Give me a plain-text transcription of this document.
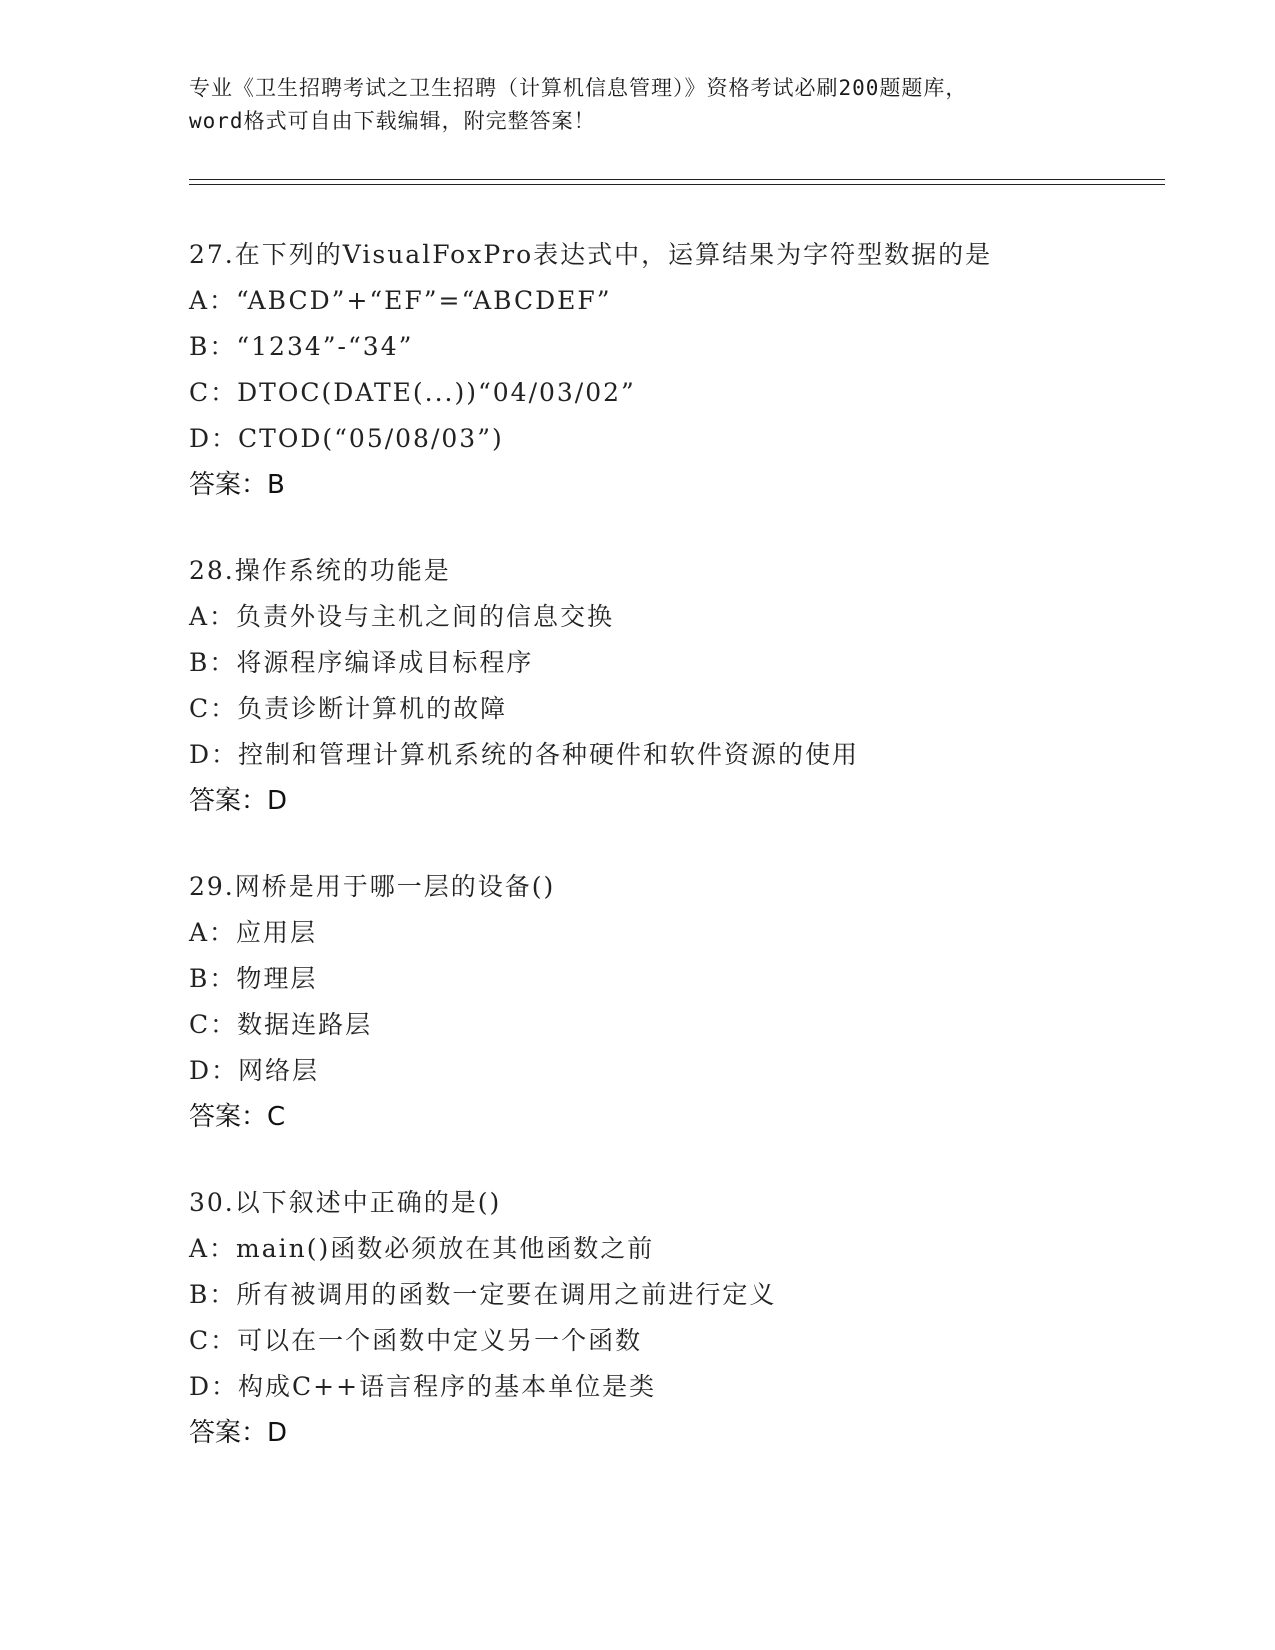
专业《卫生招聘考试之卫生招聘（计算机信息管理）》资格考试必刷200题题库，
word格式可自由下载编辑，附完整答案！
27.在下列的VisualFoxPro表达式中，运算结果为字符型数据的是
A：“ABCD”+“EF”=“ABCDEF”
B：“1234”-“34”
C：DTOC(DATE(...))“04/03/02”
D：CTOD(“05/08/03”)
答案：B
28.操作系统的功能是
A：负责外设与主机之间的信息交换
B：将源程序编译成目标程序
C：负责诊断计算机的故障
D：控制和管理计算机系统的各种硬件和软件资源的使用
答案：D
29.网桥是用于哪一层的设备()
A：应用层
B：物理层
C：数据连路层
D：网络层
答案：C
30.以下叙述中正确的是()
A：main()函数必须放在其他函数之前
B：所有被调用的函数一定要在调用之前进行定义
C：可以在一个函数中定义另一个函数
D：构成C++语言程序的基本单位是类
答案：D
